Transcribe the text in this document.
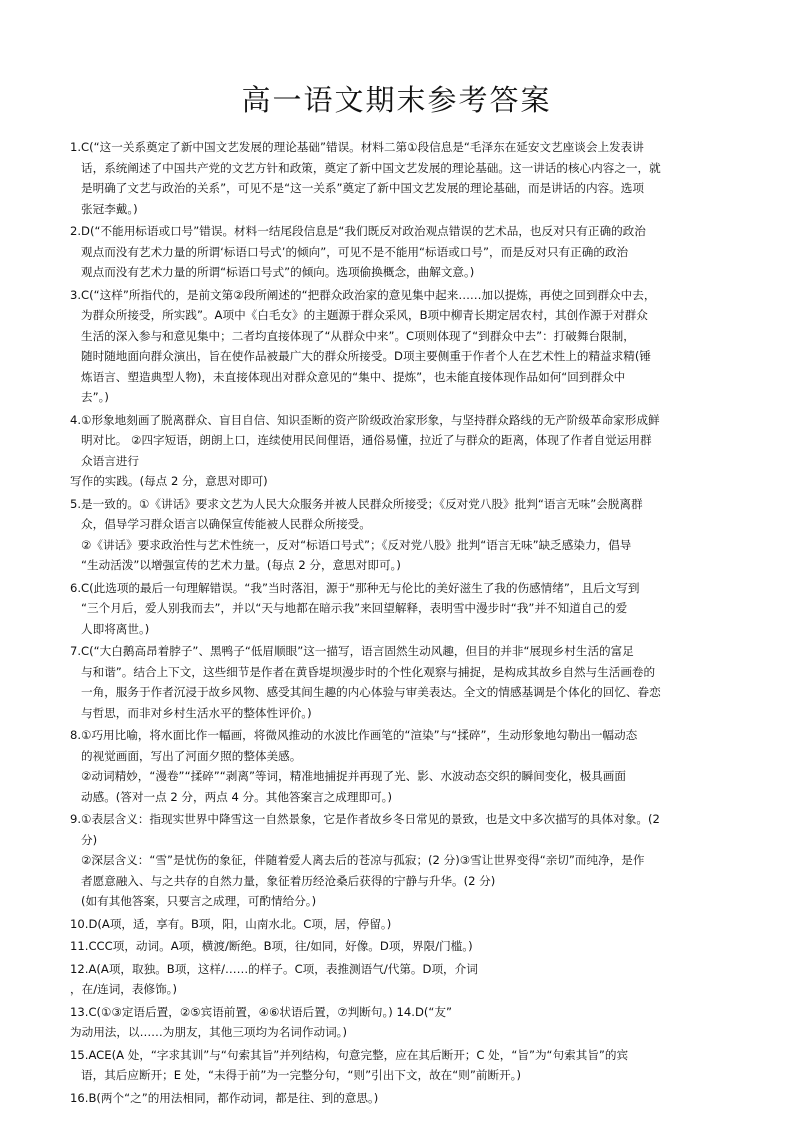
高一语文期末参考答案
1.C(“这一关系奠定了新中国文艺发展的理论基础”错误。材料二第①段信息是“毛泽东在延安文艺座谈会上发表讲
话，系统阐述了中国共产党的文艺方针和政策，奠定了新中国文艺发展的理论基础。这一讲话的核心内容之一，就
是明确了文艺与政治的关系”，可见不是“这一关系”奠定了新中国文艺发展的理论基础，而是讲话的内容。选项
张冠李戴。)
2.D(“不能用标语或口号”错误。材料一结尾段信息是“我们既反对政治观点错误的艺术品，也反对只有正确的政治
观点而没有艺术力量的所谓‘标语口号式’的倾向”，可见不是不能用“标语或口号”，而是反对只有正确的政治
观点而没有艺术力量的所谓“标语口号式”的倾向。选项偷换概念，曲解文意。)
3.C(“这样”所指代的，是前文第②段所阐述的“把群众政治家的意见集中起来……加以提炼，再使之回到群众中去，
为群众所接受，所实践”。A项中《白毛女》的主题源于群众采风，B项中柳青长期定居农村，其创作源于对群众
生活的深入参与和意见集中；二者均直接体现了“从群众中来”。C项则体现了“到群众中去”：打破舞台限制，
随时随地面向群众演出，旨在使作品被最广大的群众所接受。D项主要侧重于作者个人在艺术性上的精益求精(锤
炼语言、塑造典型人物)，未直接体现出对群众意见的“集中、提炼”，也未能直接体现作品如何“回到群众中
去”。)
4.①形象地刻画了脱离群众、盲目自信、知识歪断的资产阶级政治家形象，与坚持群众路线的无产阶级革命家形成鲜
明对比。 ②四字短语，朗朗上口，连续使用民间俚语，通俗易懂，拉近了与群众的距离，体现了作者自觉运用群
众语言进行
写作的实践。(每点 2 分，意思对即可)
5.是一致的。①《讲话》要求文艺为人民大众服务并被人民群众所接受；《反对党八股》批判“语言无味”会脱离群
众，倡导学习群众语言以确保宣传能被人民群众所接受。
②《讲话》要求政治性与艺术性统一，反对“标语口号式”；《反对党八股》批判“语言无味”缺乏感染力，倡导
“生动活泼”以增强宣传的艺术力量。(每点 2 分，意思对即可。)
6.C(此选项的最后一句理解错误。“我”当时落泪，源于“那种无与伦比的美好滋生了我的伤感情绪”，且后文写到
“三个月后，爱人别我而去”，并以“天与地都在暗示我”来回望解释，表明雪中漫步时“我”并不知道自己的爱
人即将离世。)
7.C(“大白鹅高昂着脖子”、黑鸭子“低眉顺眼”这一描写，语言固然生动风趣，但目的并非“展现乡村生活的富足
与和谐”。结合上下文，这些细节是作者在黄昏堤坝漫步时的个性化观察与捕捉，是构成其故乡自然与生活画卷的
一角，服务于作者沉浸于故乡风物、感受其间生趣的内心体验与审美表达。全文的情感基调是个体化的回忆、眷恋
与哲思，而非对乡村生活水平的整体性评价。)
8.①巧用比喻，将水面比作一幅画，将微风推动的水波比作画笔的“渲染”与“揉碎”，生动形象地勾勒出一幅动态
的视觉画面，写出了河面夕照的整体美感。
②动词精妙，“漫卷”“揉碎”“剥离”等词，精准地捕捉并再现了光、影、水波动态交织的瞬间变化，极具画面
动感。(答对一点 2 分，两点 4 分。其他答案言之成理即可。)
9.①表层含义：指现实世界中降雪这一自然景象，它是作者故乡冬日常见的景致，也是文中多次描写的具体对象。(2
分)
②深层含义：“雪”是忧伤的象征，伴随着爱人离去后的苍凉与孤寂；(2 分)③雪让世界变得“亲切”而纯净，是作
者愿意融入、与之共存的自然力量，象征着历经沧桑后获得的宁静与升华。(2 分)
(如有其他答案，只要言之成理，可酌情给分。)
10.D(A项，适，享有。B项，阳，山南水北。C项，居，停留。)
11.CCC项，动词。A项，横渡/断绝。B项，往/如同，好像。D项，界限/门槛。)
12.A(A项，取独。B项，这样/……的样子。C项，表推测语气/代第。D项，介词
，在/连词，表修饰。)
13.C(①③定语后置，②⑤宾语前置，④⑥状语后置，⑦判断句。) 14.D(“友”
为动用法，以……为朋友，其他三项均为名词作动词。)
15.ACE(A 处，“字求其训”与“句索其旨”并列结构，句意完整，应在其后断开；C 处，“旨”为“句索其旨”的宾
语，其后应断开；E 处，“未得于前”为一完整分句，“则”引出下文，故在“则”前断开。)
16.B(两个“之”的用法相同，都作动词，都是往、到的意思。)
